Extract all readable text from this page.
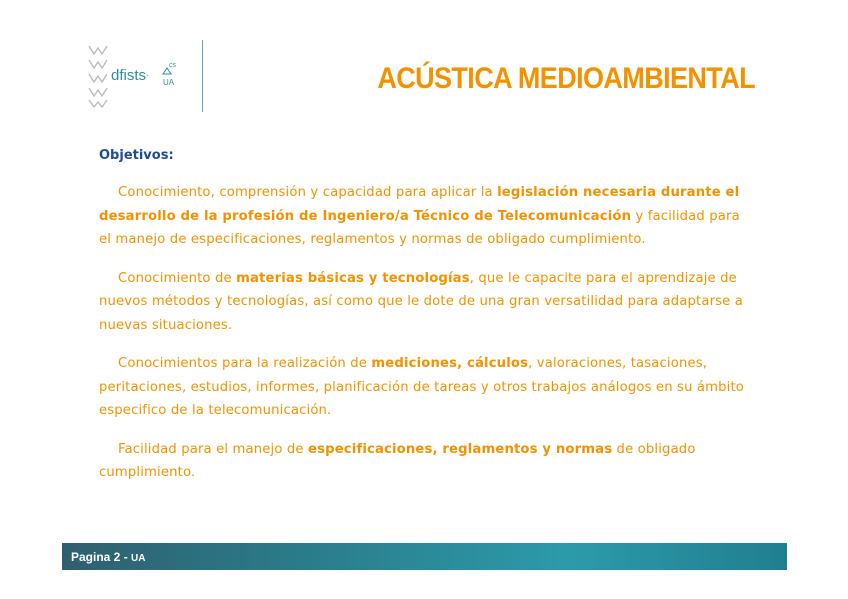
dfists·
cs
UA	ACÚSTICA MEDIOAMBIENTAL
Objetivos:

Conocimiento, comprensión y capacidad para aplicar la legislación necesaria durante el desarrollo de la profesión de Ingeniero/a Técnico de Telecomunicación y facilidad para el manejo de especificaciones, reglamentos y normas de obligado cumplimiento.

Conocimiento de materias básicas y tecnologías, que le capacite para el aprendizaje de nuevos métodos y tecnologías, así como que le dote de una gran versatilidad para adaptarse a nuevas situaciones.

Conocimientos para la realización de mediciones, cálculos, valoraciones, tasaciones, peritaciones, estudios, informes, planificación de tareas y otros trabajos análogos en su ámbito especifico de la telecomunicación.

Facilidad para el manejo de especificaciones, reglamentos y normas de obligado cumplimiento.

Pagina 2 - UA
